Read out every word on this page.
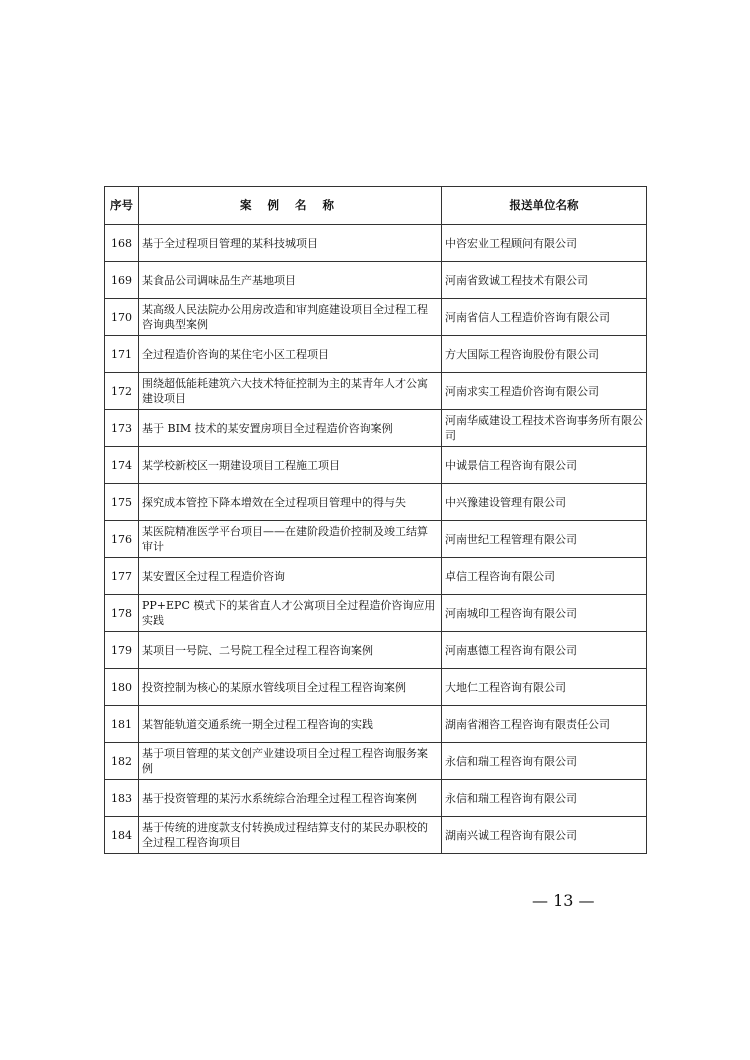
序号	案 例 名 称	报送单位名称
168	基于全过程项目管理的某科技城项目	中咨宏业工程顾问有限公司
169	某食品公司调味品生产基地项目	河南省致诚工程技术有限公司
170	某高级人民法院办公用房改造和审判庭建设项目全过程工程咨询典型案例	河南省信人工程造价咨询有限公司
171	全过程造价咨询的某住宅小区工程项目	方大国际工程咨询股份有限公司
172	围绕超低能耗建筑六大技术特征控制为主的某青年人才公寓建设项目	河南求实工程造价咨询有限公司
173	基于 BIM 技术的某安置房项目全过程造价咨询案例	河南华威建设工程技术咨询事务所有限公司
174	某学校新校区一期建设项目工程施工项目	中诚景信工程咨询有限公司
175	探究成本管控下降本增效在全过程项目管理中的得与失	中兴豫建设管理有限公司
176	某医院精准医学平台项目——在建阶段造价控制及竣工结算审计	河南世纪工程管理有限公司
177	某安置区全过程工程造价咨询	卓信工程咨询有限公司
178	PP+EPC 模式下的某省直人才公寓项目全过程造价咨询应用实践	河南城印工程咨询有限公司
179	某项目一号院、二号院工程全过程工程咨询案例	河南惠德工程咨询有限公司
180	投资控制为核心的某原水管线项目全过程工程咨询案例	大地仁工程咨询有限公司
181	某智能轨道交通系统一期全过程工程咨询的实践	湖南省湘咨工程咨询有限责任公司
182	基于项目管理的某文创产业建设项目全过程工程咨询服务案例	永信和瑞工程咨询有限公司
183	基于投资管理的某污水系统综合治理全过程工程咨询案例	永信和瑞工程咨询有限公司
184	基于传统的进度款支付转换成过程结算支付的某民办职校的全过程工程咨询项目	湖南兴诚工程咨询有限公司
— 13 —
